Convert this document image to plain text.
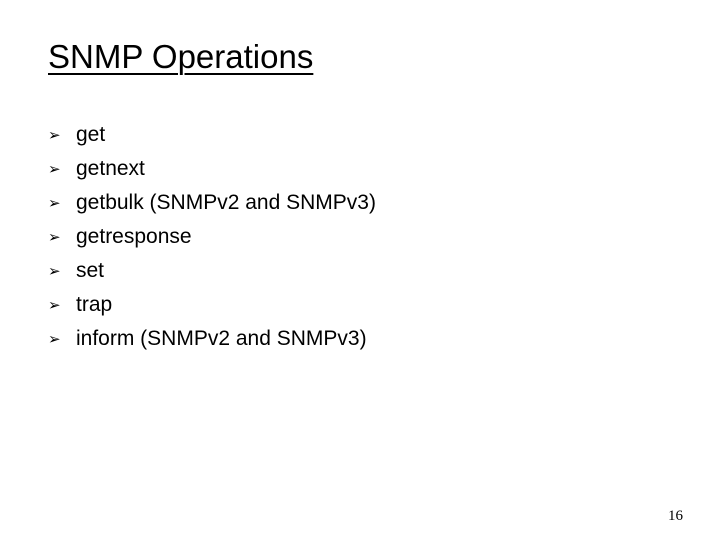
SNMP Operations
➢ get
➢ getnext
➢ getbulk (SNMPv2 and SNMPv3)
➢ getresponse
➢ set
➢ trap
➢ inform (SNMPv2 and SNMPv3)
16
